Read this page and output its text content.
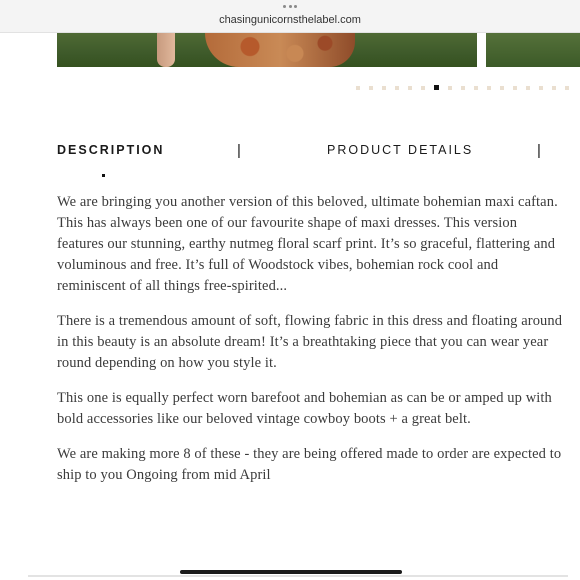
chasingunicornsthelabel.com
DESCRIPTION	|	PRODUCT DETAILS	|

We are bringing you another version of this beloved, ultimate bohemian maxi caftan. This has always been one of our favourite shape of maxi dresses. This version features our stunning, earthy nutmeg floral scarf print. It’s so graceful, flattering and voluminous and free. It’s full of Woodstock vibes, bohemian rock cool and reminiscent of all things free-spirited...

There is a tremendous amount of soft, flowing fabric in this dress and floating around in this beauty is an absolute dream! It’s a breathtaking piece that you can wear year round depending on how you style it.

This one is equally perfect worn barefoot and bohemian as can be or amped up with bold accessories like our beloved vintage cowboy boots + a great belt.

We are making more 8 of these - they are being offered made to order are expected to ship to you Ongoing from mid April
